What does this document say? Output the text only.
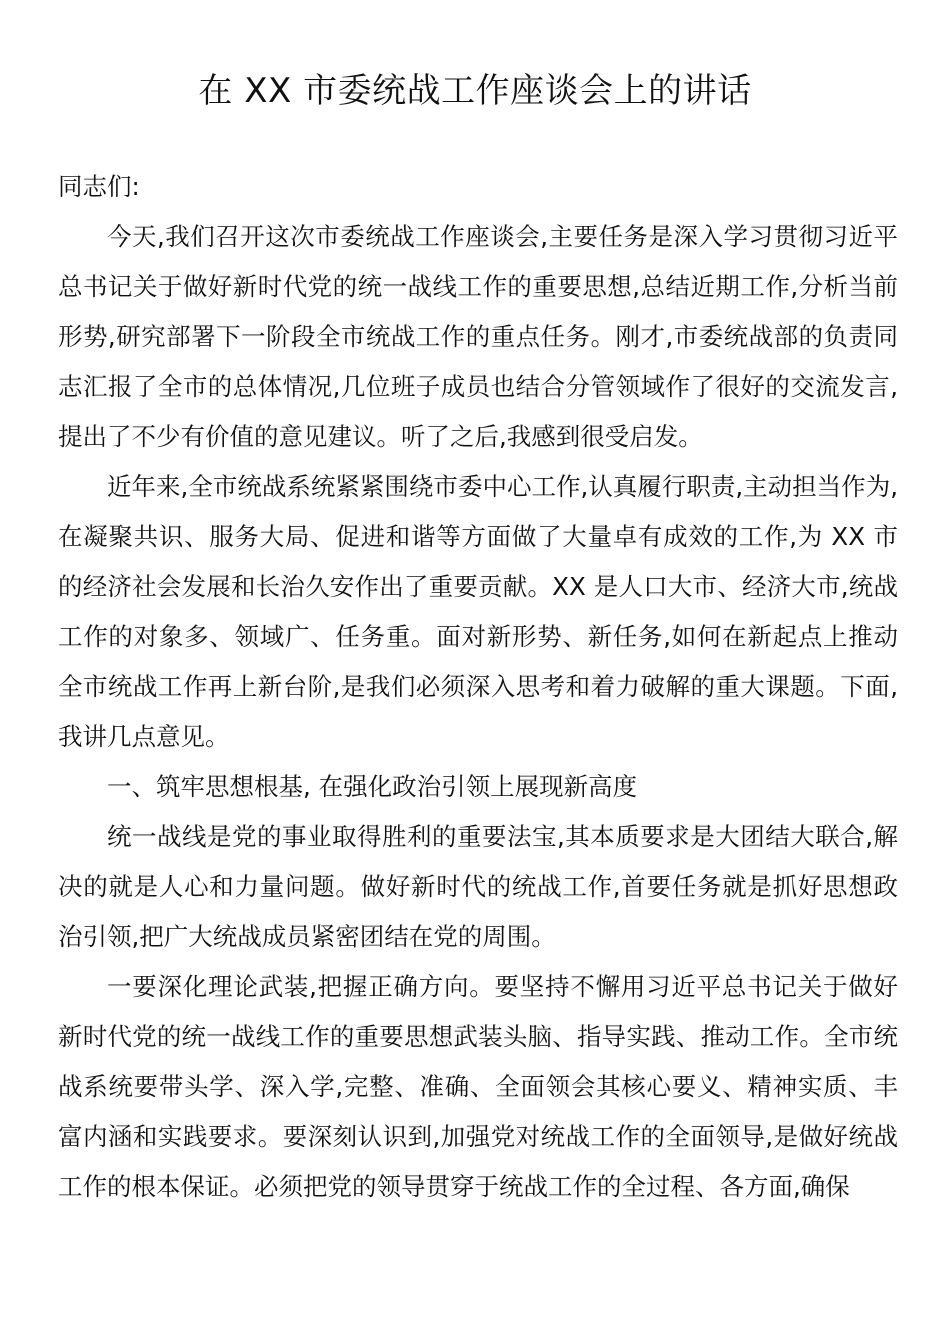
在 XX 市委统战工作座谈会上的讲话

同志们:

今天,我们召开这次市委统战工作座谈会,主要任务是深入学习贯彻习近平总书记关于做好新时代党的统一战线工作的重要思想,总结近期工作,分析当前形势,研究部署下一阶段全市统战工作的重点任务。刚才,市委统战部的负责同志汇报了全市的总体情况,几位班子成员也结合分管领域作了很好的交流发言,提出了不少有价值的意见建议。听了之后,我感到很受启发。

近年来,全市统战系统紧紧围绕市委中心工作,认真履行职责,主动担当作为,在凝聚共识、服务大局、促进和谐等方面做了大量卓有成效的工作,为 XX 市的经济社会发展和长治久安作出了重要贡献。XX 是人口大市、经济大市,统战工作的对象多、领域广、任务重。面对新形势、新任务,如何在新起点上推动全市统战工作再上新台阶,是我们必须深入思考和着力破解的重大课题。下面,我讲几点意见。

一、筑牢思想根基, 在强化政治引领上展现新高度

统一战线是党的事业取得胜利的重要法宝,其本质要求是大团结大联合,解决的就是人心和力量问题。做好新时代的统战工作,首要任务就是抓好思想政治引领,把广大统战成员紧密团结在党的周围。

一要深化理论武装,把握正确方向。要坚持不懈用习近平总书记关于做好新时代党的统一战线工作的重要思想武装头脑、指导实践、推动工作。全市统战系统要带头学、深入学,完整、准确、全面领会其核心要义、精神实质、丰富内涵和实践要求。要深刻认识到,加强党对统战工作的全面领导,是做好统战工作的根本保证。必须把党的领导贯穿于统战工作的全过程、各方面,确保
